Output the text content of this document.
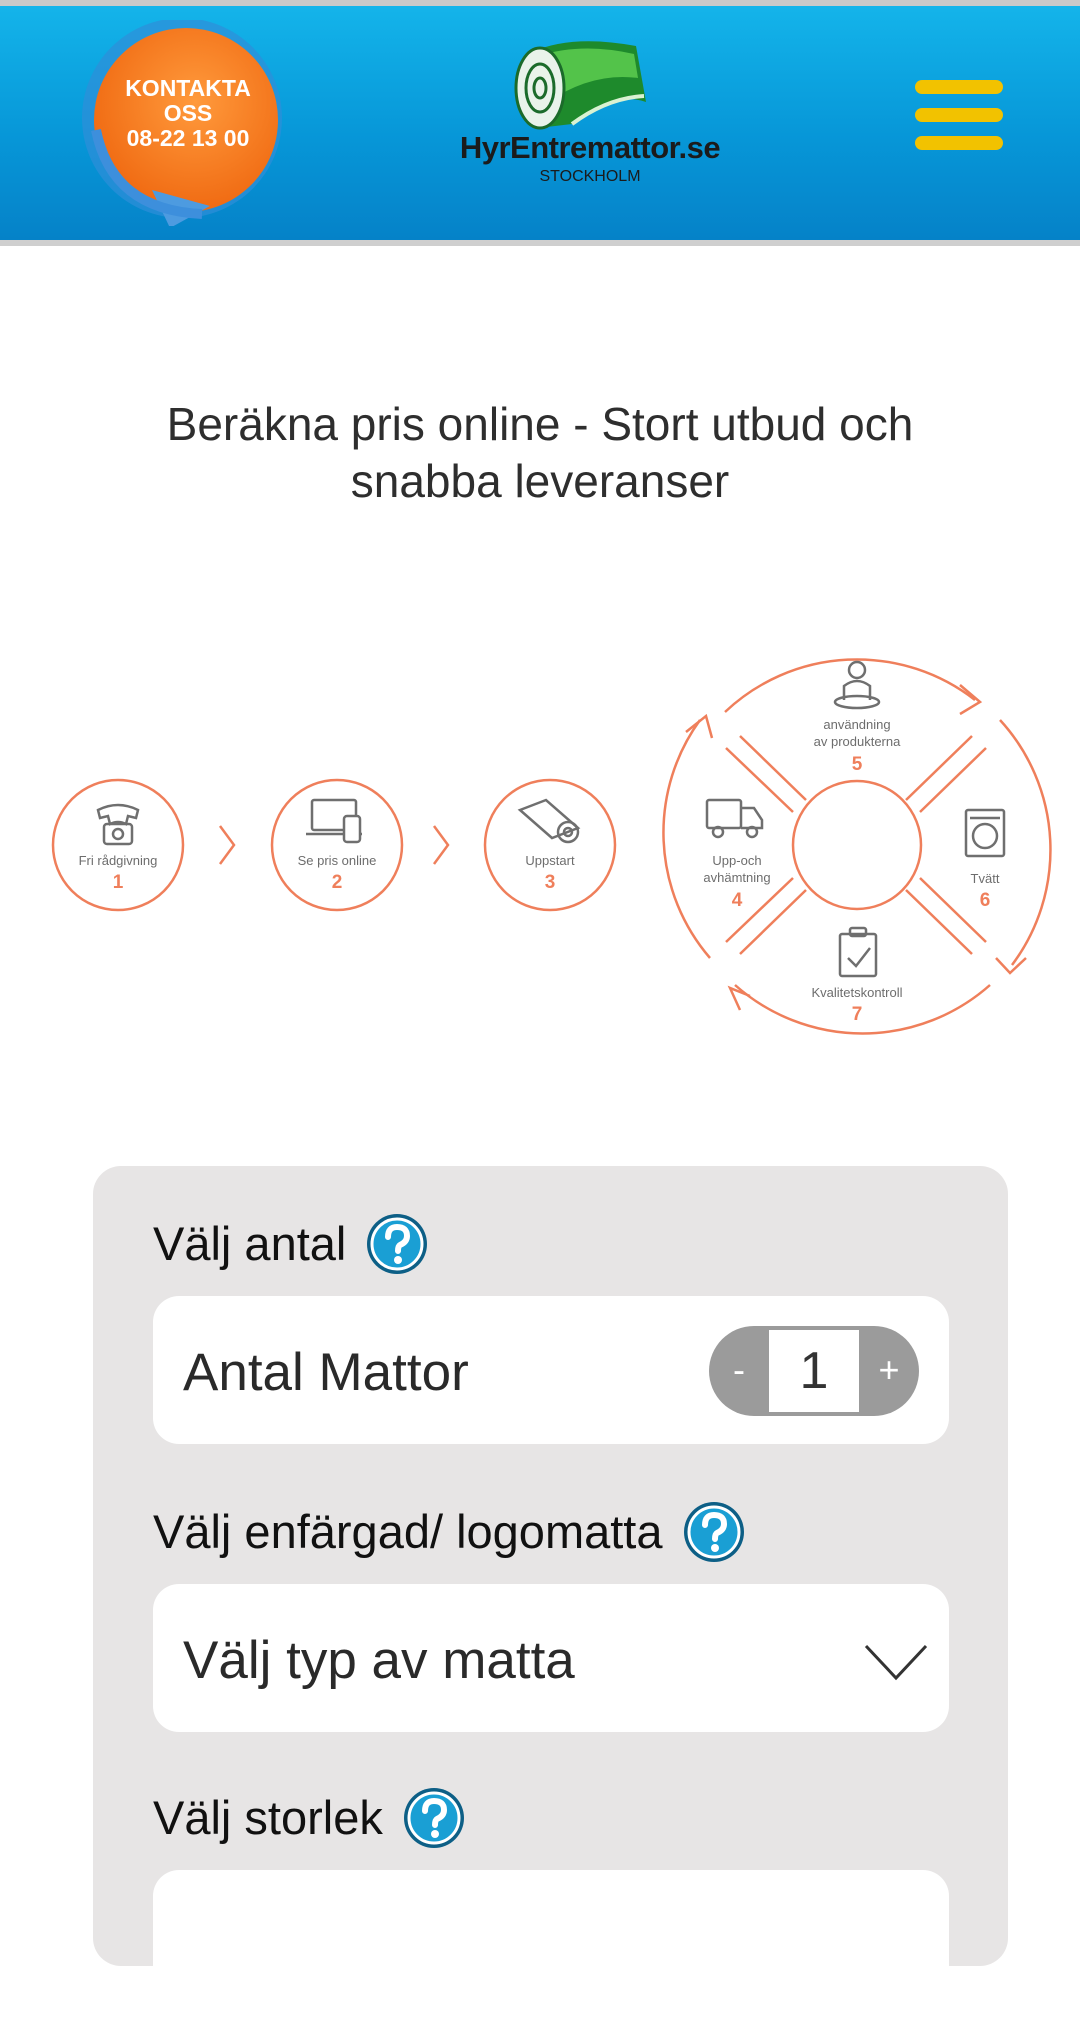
KONTAKTA
OSS
08-22 13 00	HyrEntremattor.se
STOCKHOLM
Beräkna pris online - Stort utbud och snabba leveranser
Fri rådgivning
1
Se pris online
2
Uppstart
3
Upp-och
avhämtning
4
användning
av produkterna
5
Tvätt
6
Kvalitetskontroll
7
Välj antal
Antal Mattor	-
1	+
Välj enfärgad/ logomatta
Välj typ av matta
Välj storlek
